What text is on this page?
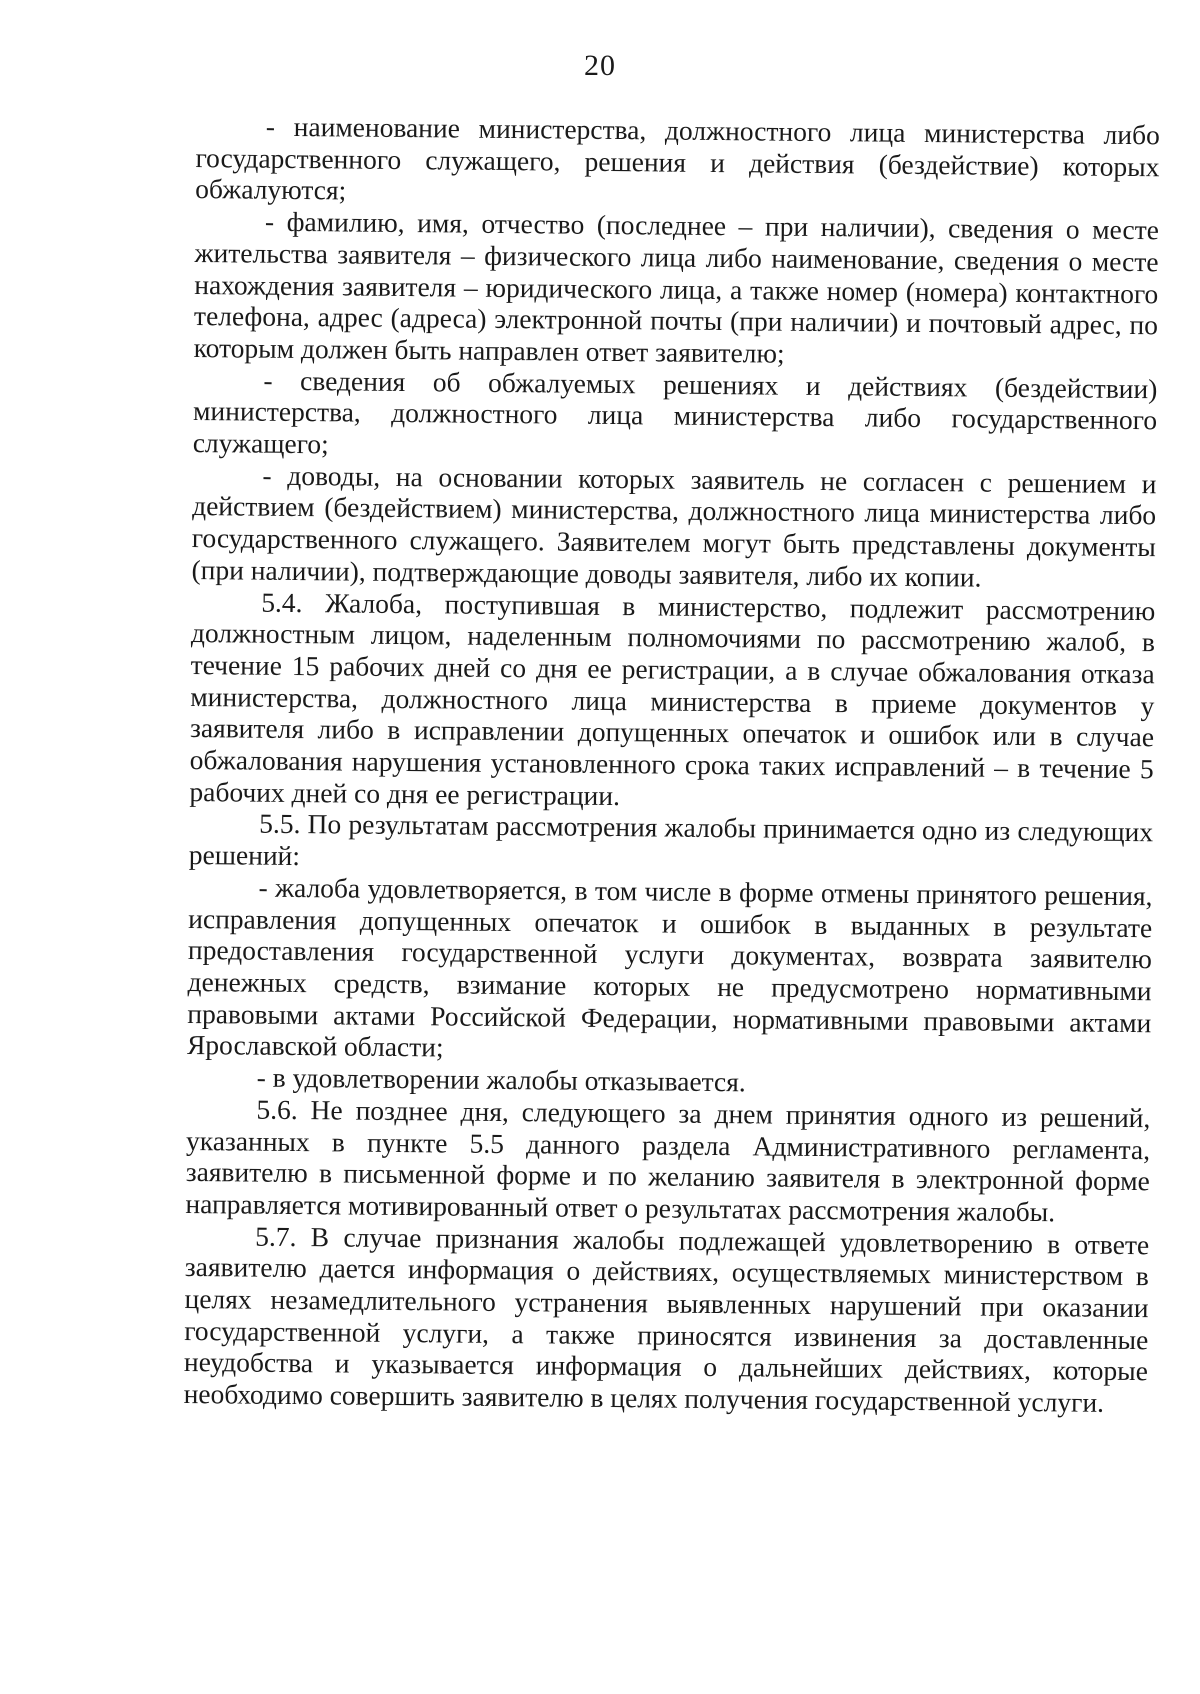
20

- наименование министерства, должностного лица министерства либо государственного служащего, решения и действия (бездействие) которых обжалуются;

- фамилию, имя, отчество (последнее – при наличии), сведения о месте жительства заявителя – физического лица либо наименование, сведения о месте нахождения заявителя – юридического лица, а также номер (номера) контактного телефона, адрес (адреса) электронной почты (при наличии) и почтовый адрес, по которым должен быть направлен ответ заявителю;

- сведения об обжалуемых решениях и действиях (бездействии) министерства, должностного лица министерства либо государственного служащего;

- доводы, на основании которых заявитель не согласен с решением и действием (бездействием) министерства, должностного лица министерства либо государственного служащего. Заявителем могут быть представлены документы (при наличии), подтверждающие доводы заявителя, либо их копии.

5.4. Жалоба, поступившая в министерство, подлежит рассмотрению должностным лицом, наделенным полномочиями по рассмотрению жалоб, в течение 15 рабочих дней со дня ее регистрации, а в случае обжалования отказа министерства, должностного лица министерства в приеме документов у заявителя либо в исправлении допущенных опечаток и ошибок или в случае обжалования нарушения установленного срока таких исправлений – в течение 5 рабочих дней со дня ее регистрации.

5.5. По результатам рассмотрения жалобы принимается одно из следующих решений:

- жалоба удовлетворяется, в том числе в форме отмены принятого решения, исправления допущенных опечаток и ошибок в выданных в результате предоставления государственной услуги документах, возврата заявителю денежных средств, взимание которых не предусмотрено нормативными правовыми актами Российской Федерации, нормативными правовыми актами Ярославской области;

- в удовлетворении жалобы отказывается.

5.6. Не позднее дня, следующего за днем принятия одного из решений, указанных в пункте 5.5 данного раздела Административного регламента, заявителю в письменной форме и по желанию заявителя в электронной форме направляется мотивированный ответ о результатах рассмотрения жалобы.

5.7. В случае признания жалобы подлежащей удовлетворению в ответе заявителю дается информация о действиях, осуществляемых министерством в целях незамедлительного устранения выявленных нарушений при оказании государственной услуги, а также приносятся извинения за доставленные неудобства и указывается информация о дальнейших действиях, которые необходимо совершить заявителю в целях получения государственной услуги.
